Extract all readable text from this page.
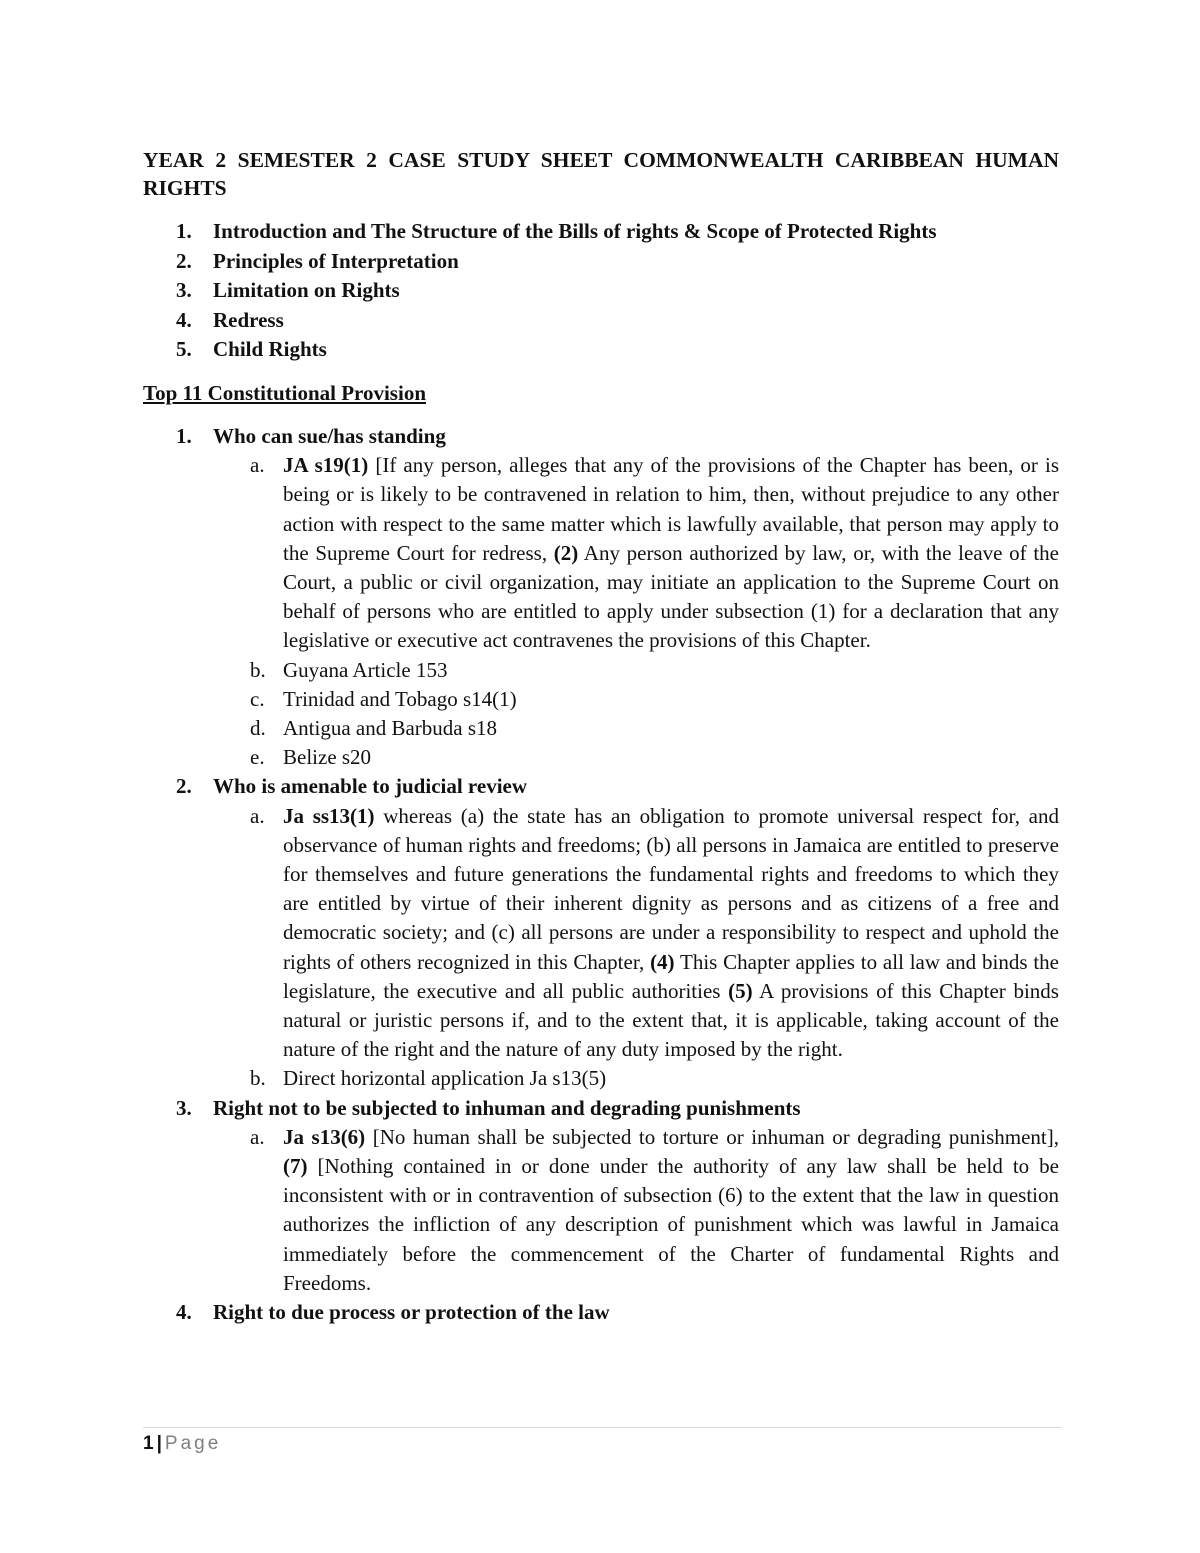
YEAR 2 SEMESTER 2 CASE STUDY SHEET COMMONWEALTH CARIBBEAN HUMAN RIGHTS
1. Introduction and The Structure of the Bills of rights & Scope of Protected Rights
2. Principles of Interpretation
3. Limitation on Rights
4. Redress
5. Child Rights
Top 11 Constitutional Provision
1. Who can sue/has standing
a. JA s19(1) [If any person, alleges that any of the provisions of the Chapter has been, or is being or is likely to be contravened in relation to him, then, without prejudice to any other action with respect to the same matter which is lawfully available, that person may apply to the Supreme Court for redress, (2) Any person authorized by law, or, with the leave of the Court, a public or civil organization, may initiate an application to the Supreme Court on behalf of persons who are entitled to apply under subsection (1) for a declaration that any legislative or executive act contravenes the provisions of this Chapter.
b. Guyana Article 153
c. Trinidad and Tobago s14(1)
d. Antigua and Barbuda s18
e. Belize s20
2. Who is amenable to judicial review
a. Ja ss13(1) whereas (a) the state has an obligation to promote universal respect for, and observance of human rights and freedoms; (b) all persons in Jamaica are entitled to preserve for themselves and future generations the fundamental rights and freedoms to which they are entitled by virtue of their inherent dignity as persons and as citizens of a free and democratic society; and (c) all persons are under a responsibility to respect and uphold the rights of others recognized in this Chapter, (4) This Chapter applies to all law and binds the legislature, the executive and all public authorities (5) A provisions of this Chapter binds natural or juristic persons if, and to the extent that, it is applicable, taking account of the nature of the right and the nature of any duty imposed by the right.
b. Direct horizontal application Ja s13(5)
3. Right not to be subjected to inhuman and degrading punishments
a. Ja s13(6) [No human shall be subjected to torture or inhuman or degrading punishment], (7) [Nothing contained in or done under the authority of any law shall be held to be inconsistent with or in contravention of subsection (6) to the extent that the law in question authorizes the infliction of any description of punishment which was lawful in Jamaica immediately before the commencement of the Charter of fundamental Rights and Freedoms.
4. Right to due process or protection of the law
1 | Page
